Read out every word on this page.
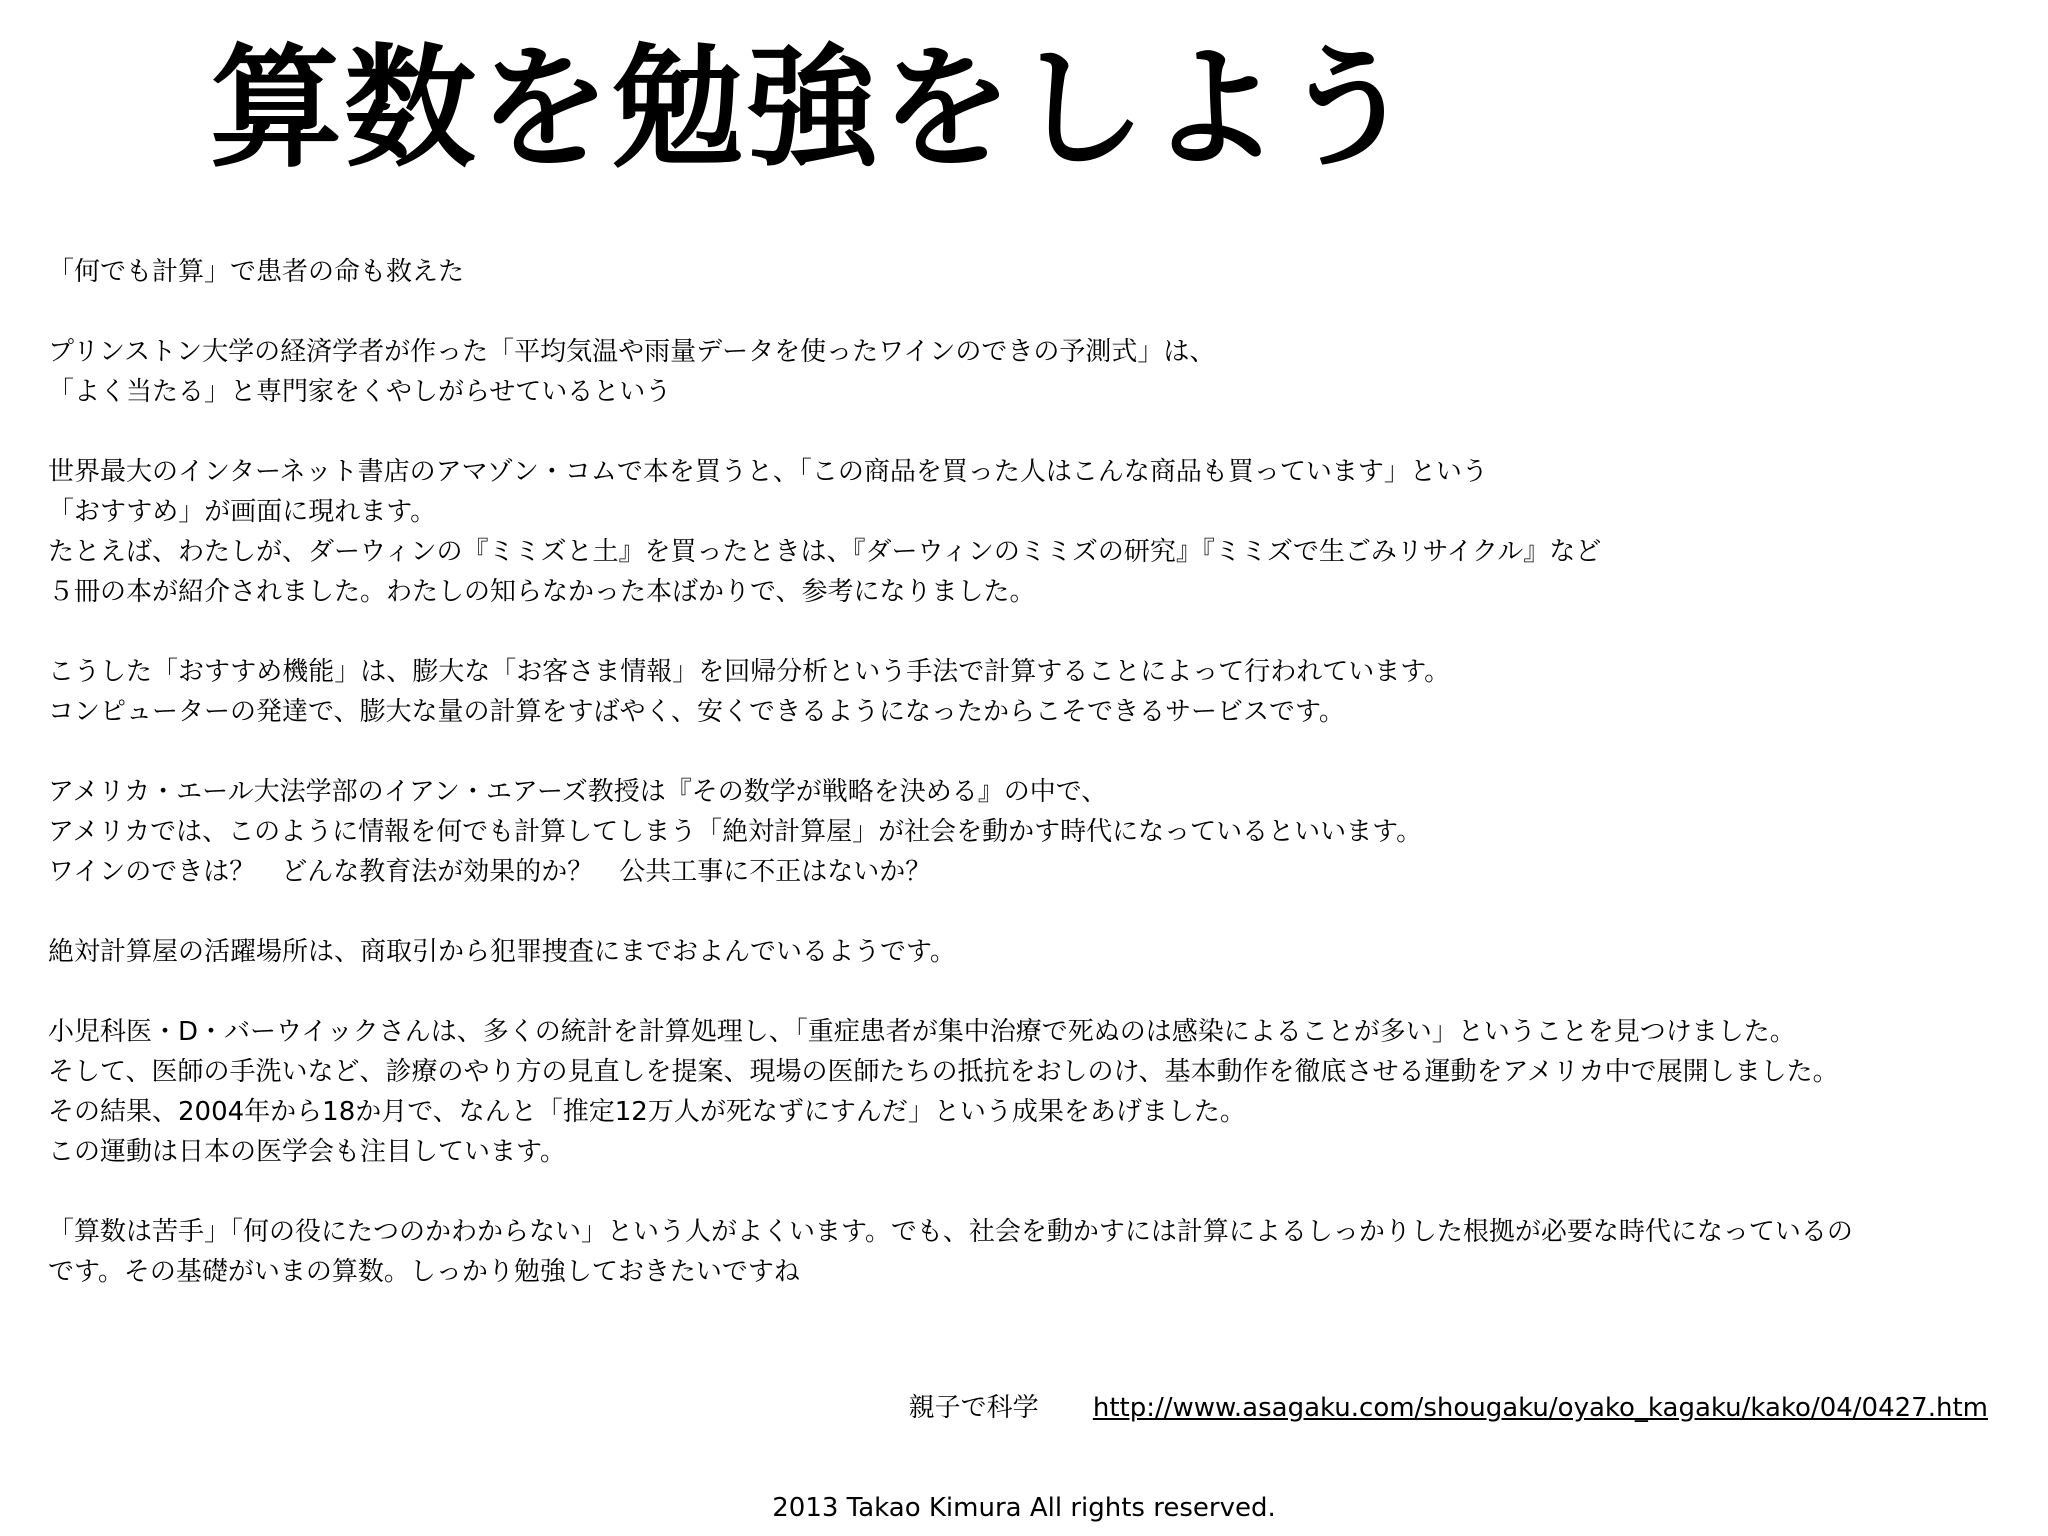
算数を勉強をしよう
「何でも計算」で患者の命も救えた
プリンストン大学の経済学者が作った「平均気温や雨量データを使ったワインのできの予測式」は、
「よく当たる」と専門家をくやしがらせているという
世界最大のインターネット書店のアマゾン・コムで本を買うと、「この商品を買った人はこんな商品も買っています」という
「おすすめ」が画面に現れます。
たとえば、わたしが、ダーウィンの『ミミズと土』を買ったときは、『ダーウィンのミミズの研究』『ミミズで生ごみリサイクル』など
５冊の本が紹介されました。わたしの知らなかった本ばかりで、参考になりました。
こうした「おすすめ機能」は、膨大な「お客さま情報」を回帰分析という手法で計算することによって行われています。
コンピューターの発達で、膨大な量の計算をすばやく、安くできるようになったからこそできるサービスです。
アメリカ・エール大法学部のイアン・エアーズ教授は『その数学が戦略を決める』の中で、
アメリカでは、このように情報を何でも計算してしまう「絶対計算屋」が社会を動かす時代になっているといいます。
ワインのできは？　どんな教育法が効果的か？　公共工事に不正はないか？
絶対計算屋の活躍場所は、商取引から犯罪捜査にまでおよんでいるようです。
小児科医・D・バーウイックさんは、多くの統計を計算処理し、「重症患者が集中治療で死ぬのは感染によることが多い」ということを見つけました。
そして、医師の手洗いなど、診療のやり方の見直しを提案、現場の医師たちの抵抗をおしのけ、基本動作を徹底させる運動をアメリカ中で展開しました。
その結果、2004年から18か月で、なんと「推定12万人が死なずにすんだ」という成果をあげました。
この運動は日本の医学会も注目しています。
「算数は苦手」「何の役にたつのかわからない」という人がよくいます。でも、社会を動かすには計算によるしっかりした根拠が必要な時代になっているの
です。その基礎がいまの算数。しっかり勉強しておきたいですね
親子で科学 http://www.asagaku.com/shougaku/oyako_kagaku/kako/04/0427.htm
2013 Takao Kimura All rights reserved.
